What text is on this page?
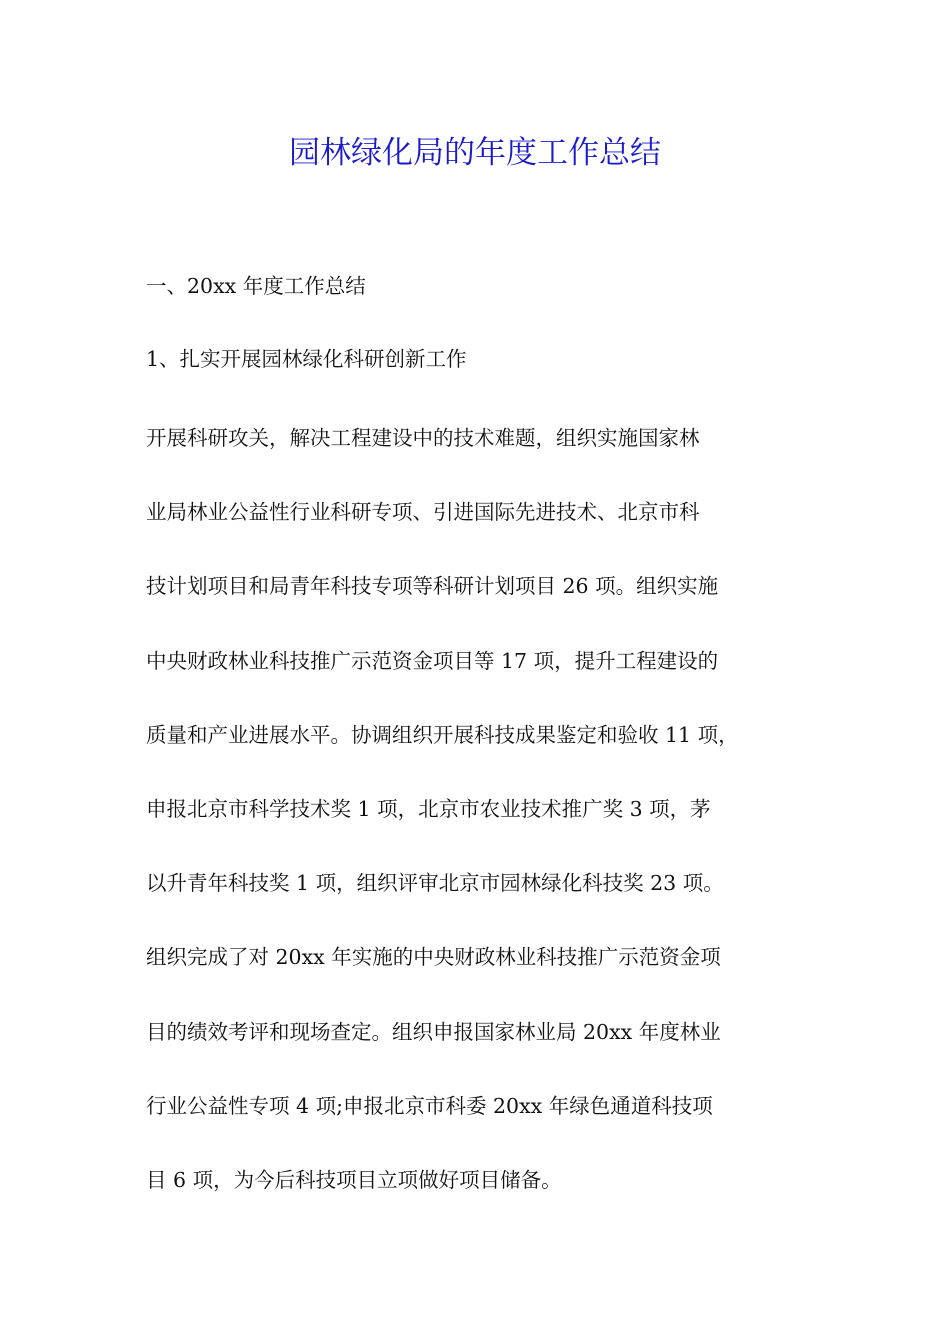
园林绿化局的年度工作总结

一、20xx 年度工作总结

1、扎实开展园林绿化科研创新工作

开展科研攻关，解决工程建设中的技术难题，组织实施国家林
业局林业公益性行业科研专项、引进国际先进技术、北京市科
技计划项目和局青年科技专项等科研计划项目 26 项。组织实施
中央财政林业科技推广示范资金项目等 17 项，提升工程建设的
质量和产业进展水平。协调组织开展科技成果鉴定和验收 11 项，
申报北京市科学技术奖 1 项，北京市农业技术推广奖 3 项，茅
以升青年科技奖 1 项，组织评审北京市园林绿化科技奖 23 项。
组织完成了对 20xx 年实施的中央财政林业科技推广示范资金项
目的绩效考评和现场查定。组织申报国家林业局 20xx 年度林业
行业公益性专项 4 项;申报北京市科委 20xx 年绿色通道科技项
目 6 项，为今后科技项目立项做好项目储备。
